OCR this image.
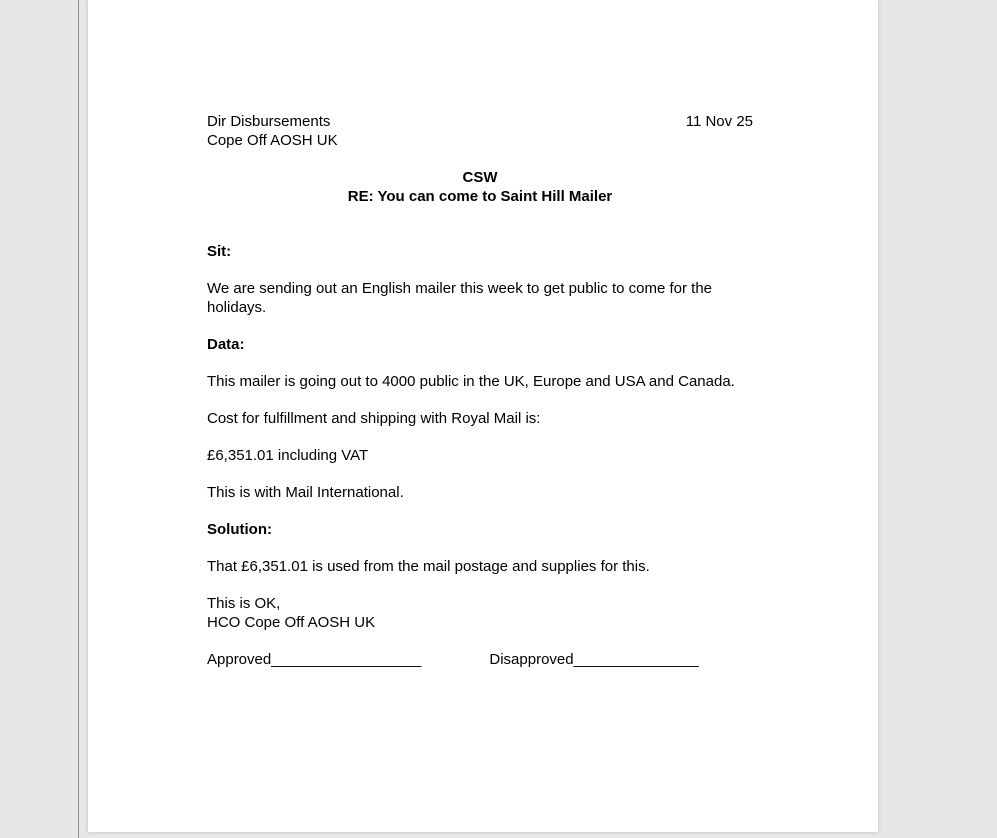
Dir Disbursements
Cope Off AOSH UK
11 Nov 25
CSW
RE: You can come to Saint Hill Mailer
Sit:
We are sending out an English mailer this week to get public to come for the holidays.
Data:
This mailer is going out to 4000 public in the UK, Europe and USA and Canada.
Cost for fulfillment and shipping with Royal Mail is:
£6,351.01 including VAT
This is with Mail International.
Solution:
That £6,351.01 is used from the mail postage and supplies for this.
This is OK,
HCO Cope Off AOSH UK
Approved__________________	Disapproved_______________
